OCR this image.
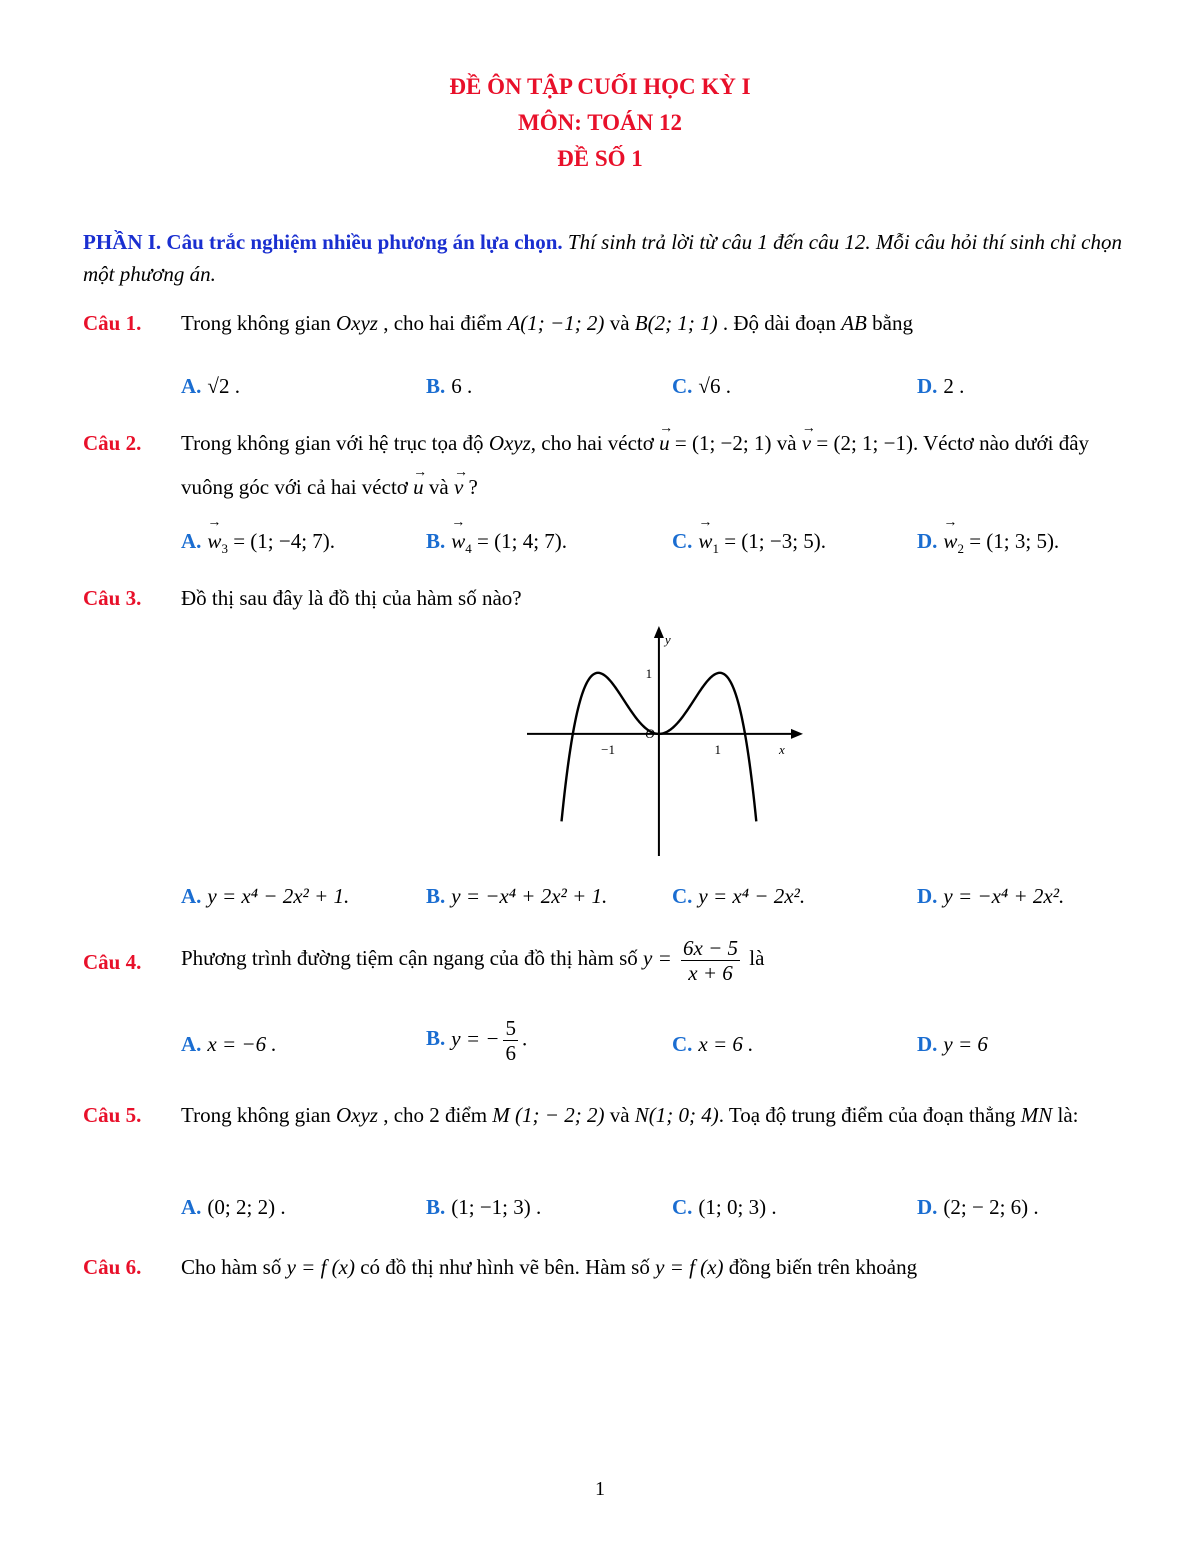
ĐỀ ÔN TẬP CUỐI HỌC KỲ I
MÔN: TOÁN 12
ĐỀ SỐ 1
PHẦN I. Câu trắc nghiệm nhiều phương án lựa chọn. Thí sinh trả lời từ câu 1 đến câu 12. Mỗi câu hỏi thí sinh chỉ chọn một phương án.
Câu 1. Trong không gian Oxyz , cho hai điểm A(1; −1; 2) và B(2; 1; 1) . Độ dài đoạn AB bằng
A. √2 .	B. 6 .	C. √6 .	D. 2 .
Câu 2. Trong không gian với hệ trục tọa độ Oxyz, cho hai véctơ → u = (1; −2; 1) và → v = (2; 1; −1). Véctơ nào dưới đây vuông góc với cả hai véctơ → u và → v ?
$A.\to w_3 = (1$; −4; 7).	$B.\to w_4 = (1$; 4; 7).	$C.\to w_1 = (1$; −3; 5).	$D.\to w_2 = (1$; 3; 5).
Câu 3. Đồ thị sau đây là đồ thị của hàm số nào?
−1	1
1
O
x
y
A. y = x⁴ − 2x² + 1.	B. y = −x⁴ + 2x² + 1.	C. y = x⁴ − 2x².	D. y = −x⁴ + 2x².
Câu 4. Phương trình đường tiệm cận ngang của đồ thị hàm số $y = \frac{6x - 5}{x + 6}$ là
A. x = −6 .	B. y = − $\frac{5}{6}$ .	C. x = 6 .	D. y = 6
Câu 5. Trong không gian Oxyz , cho 2 điểm M (1; − 2; 2) và N(1; 0; 4). Toạ độ trung điểm của đoạn thẳng MN là:
A. (0; 2; 2) .	B. (1; −1; 3) .	C. (1; 0; 3) .	D. (2; − 2; 6) .
Câu 6. Cho hàm số y = f (x) có đồ thị như hình vẽ bên. Hàm số y = f (x) đồng biến trên khoảng
1
